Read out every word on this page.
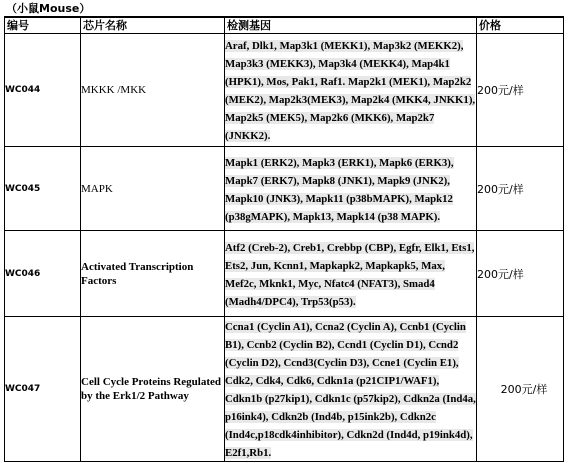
（小鼠Mouse）
编号	芯片名称	检测基因	价格
WC044	MKKK /MKK	Araf, Dlk1, Map3k1 (MEKK1), Map3k2 (MEKK2), Map3k3 (MEKK3), Map3k4 (MEKK4), Map4k1 (HPK1), Mos, Pak1, Raf1. Map2k1 (MEK1), Map2k2 (MEK2), Map2k3(MEK3), Map2k4 (MKK4, JNKK1), Map2k5 (MEK5), Map2k6 (MKK6), Map2k7 (JNKK2).	200元/样
WC045	MAPK	Mapk1 (ERK2), Mapk3 (ERK1), Mapk6 (ERK3), Mapk7 (ERK7), Mapk8 (JNK1), Mapk9 (JNK2), Mapk10 (JNK3), Mapk11 (p38bMAPK), Mapk12 (p38gMAPK), Mapk13, Mapk14 (p38 MAPK).	200元/样
WC046	Activated Transcription Factors	Atf2 (Creb-2), Creb1, Crebbp (CBP), Egfr, Elk1, Ets1, Ets2, Jun, Kcnn1, Mapkapk2, Mapkapk5, Max, Mef2c, Mknk1, Myc, Nfatc4 (NFAT3), Smad4 (Madh4/DPC4), Trp53(p53).	200元/样
WC047	Cell Cycle Proteins Regulated by the Erk1/2 Pathway	Ccna1 (Cyclin A1), Ccna2 (Cyclin A), Ccnb1 (Cyclin B1), Ccnb2 (Cyclin B2), Ccnd1 (Cyclin D1), Ccnd2 (Cyclin D2), Ccnd3(Cyclin D3), Ccne1 (Cyclin E1), Cdk2, Cdk4, Cdk6, Cdkn1a (p21CIP1/WAF1), Cdkn1b (p27kip1), Cdkn1c (p57kip2), Cdkn2a (Ind4a, p16ink4), Cdkn2b (Ind4b, p15ink2b), Cdkn2c (Ind4c,p18cdk4inhibitor), Cdkn2d (Ind4d, p19ink4d), E2f1,Rb1.	200元/样
